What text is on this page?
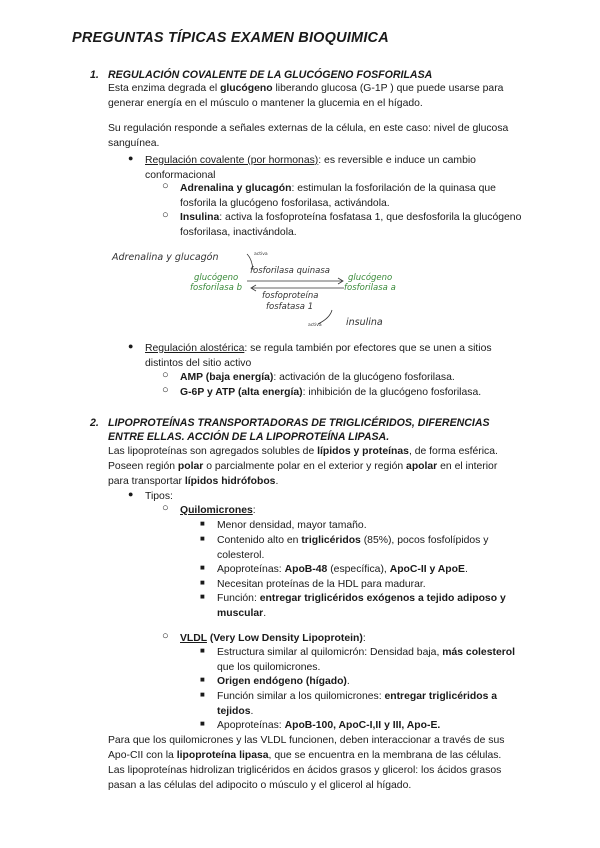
PREGUNTAS TÍPICAS EXAMEN BIOQUIMICA
1. REGULACIÓN COVALENTE DE LA GLUCÓGENO FOSFORILASA
Esta enzima degrada el glucógeno liberando glucosa (G-1P ) que puede usarse para generar energía en el músculo o mantener la glucemia en el hígado.
Su regulación responde a señales externas de la célula, en este caso: nivel de glucosa sanguínea.
● Regulación covalente (por hormonas): es reversible e induce un cambio conformacional
○ Adrenalina y glucagón: estimulan la fosforilación de la quinasa que fosforila la glucógeno fosforilasa, activándola.
○ Insulina: activa la fosfoproteína fosfatasa 1, que desfosforila la glucógeno fosforilasa, inactivándola.
Adrenalina y glucagón	activa
fosforilasa quinasa
glucógeno
fosforilasa b
glucógeno
fosforilasa a
fosfoproteína
fosfatasa 1
activa	insulina
● Regulación alostérica: se regula también por efectores que se unen a sitios distintos del sitio activo
○ AMP (baja energía): activación de la glucógeno fosforilasa.
○ G-6P y ATP (alta energía): inhibición de la glucógeno fosforilasa.
2. LIPOPROTEÍNAS TRANSPORTADORAS DE TRIGLICÉRIDOS, DIFERENCIAS ENTRE ELLAS. ACCIÓN DE LA LIPOPROTEÍNA LIPASA.
Las lipoproteínas son agregados solubles de lípidos y proteínas, de forma esférica. Poseen región polar o parcialmente polar en el exterior y región apolar en el interior para transportar lípidos hidrófobos.
● Tipos:
○ Quilomicrones:
■ Menor densidad, mayor tamaño.
■ Contenido alto en triglicéridos (85%), pocos fosfolípidos y colesterol.
■ Apoproteínas: ApoB-48 (específica), ApoC-II y ApoE.
■ Necesitan proteínas de la HDL para madurar.
■ Función: entregar triglicéridos exógenos a tejido adiposo y muscular.
○ VLDL (Very Low Density Lipoprotein):
■ Estructura similar al quilomicrón: Densidad baja, más colesterol que los quilomicrones.
■ Origen endógeno (hígado).
■ Función similar a los quilomicrones: entregar triglicéridos a tejidos.
■ Apoproteínas: ApoB-100, ApoC-I,II y III, Apo-E.
Para que los quilomicrones y las VLDL funcionen, deben interaccionar a través de sus Apo-CII con la lipoproteína lipasa, que se encuentra en la membrana de las células. Las lipoproteínas hidrolizan triglicéridos en ácidos grasos y glicerol: los ácidos grasos pasan a las células del adipocito o músculo y el glicerol al hígado.
